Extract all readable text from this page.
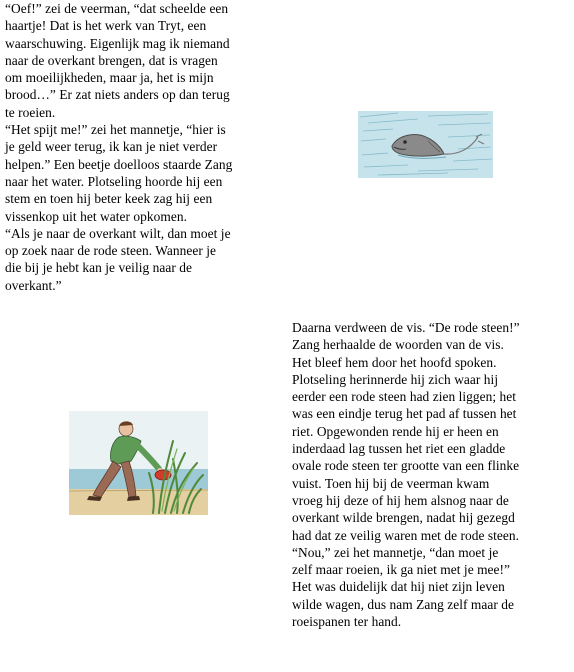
“Oef!” zei de veerman, “dat scheelde een
haartje! Dat is het werk van Tryt, een
waarschuwing. Eigenlijk mag ik niemand
naar de overkant brengen, dat is vragen
om moeilijkheden, maar ja, het is mijn
brood…” Er zat niets anders op dan terug
te roeien.
“Het spijt me!” zei het mannetje, “hier is
je geld weer terug, ik kan je niet verder
helpen.” Een beetje doelloos staarde Zang
naar het water. Plotseling hoorde hij een
stem en toen hij beter keek zag hij een
vissenkop uit het water opkomen.
“Als je naar de overkant wilt, dan moet je
op zoek naar de rode steen. Wanneer je
die bij je hebt kan je veilig naar de
overkant.”
Daarna verdween de vis. “De rode steen!”
Zang herhaalde de woorden van de vis.
Het bleef hem door het hoofd spoken.
Plotseling herinnerde hij zich waar hij
eerder een rode steen had zien liggen; het
was een eindje terug het pad af tussen het
riet. Opgewonden rende hij er heen en
inderdaad lag tussen het riet een gladde
ovale rode steen ter grootte van een flinke
vuist. Toen hij bij de veerman kwam
vroeg hij deze of hij hem alsnog naar de
overkant wilde brengen, nadat hij gezegd
had dat ze veilig waren met de rode steen.
“Nou,” zei het mannetje, “dan moet je
zelf maar roeien, ik ga niet met je mee!”
Het was duidelijk dat hij niet zijn leven
wilde wagen, dus nam Zang zelf maar de
roeispanen ter hand.
